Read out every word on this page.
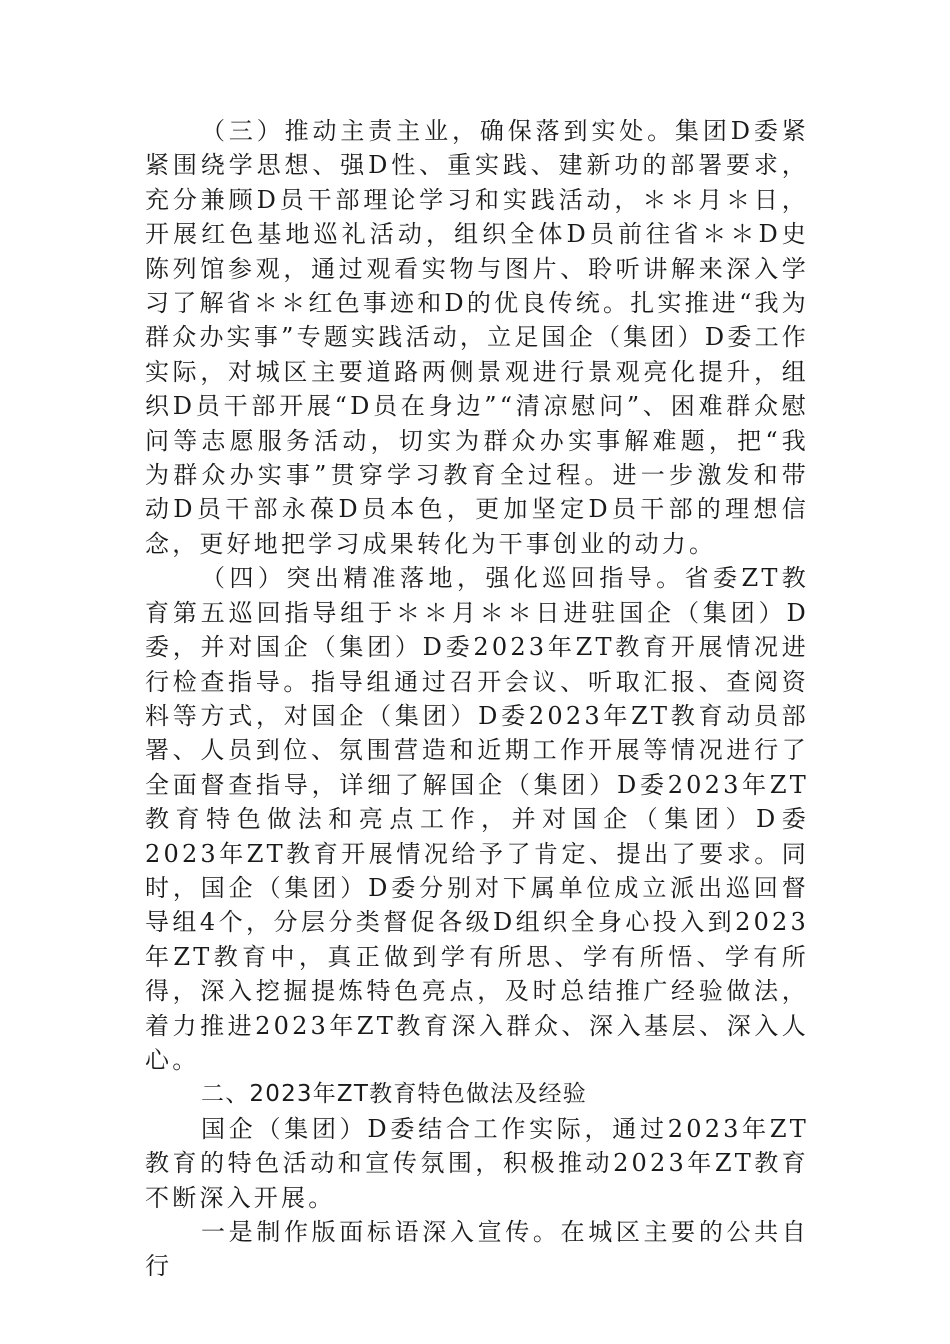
（三）推动主责主业，确保落到实处。集团D委紧紧围绕学思想、强D性、重实践、建新功的部署要求，充分兼顾D员干部理论学习和实践活动，＊＊月＊日，开展红色基地巡礼活动，组织全体D员前往省＊＊D史陈列馆参观，通过观看实物与图片、聆听讲解来深入学习了解省＊＊红色事迹和D的优良传统。扎实推进“我为群众办实事”专题实践活动，立足国企（集团）D委工作实际，对城区主要道路两侧景观进行景观亮化提升，组织D员干部开展“D员在身边”“清凉慰问”、困难群众慰问等志愿服务活动，切实为群众办实事解难题，把“我为群众办实事”贯穿学习教育全过程。进一步激发和带动D员干部永葆D员本色，更加坚定D员干部的理想信念，更好地把学习成果转化为干事创业的动力。

（四）突出精准落地，强化巡回指导。省委ZT教育第五巡回指导组于＊＊月＊＊日进驻国企（集团）D委，并对国企（集团）D委2023年ZT教育开展情况进行检查指导。指导组通过召开会议、听取汇报、查阅资料等方式，对国企（集团）D委2023年ZT教育动员部署、人员到位、氛围营造和近期工作开展等情况进行了全面督查指导，详细了解国企（集团）D委2023年ZT教育特色做法和亮点工作，并对国企（集团）D委2023年ZT教育开展情况给予了肯定、提出了要求。同时，国企（集团）D委分别对下属单位成立派出巡回督导组4个，分层分类督促各级D组织全身心投入到2023年ZT教育中，真正做到学有所思、学有所悟、学有所得，深入挖掘提炼特色亮点，及时总结推广经验做法，着力推进2023年ZT教育深入群众、深入基层、深入人心。

二、2023年ZT教育特色做法及经验

国企（集团）D委结合工作实际，通过2023年ZT教育的特色活动和宣传氛围，积极推动2023年ZT教育不断深入开展。

一是制作版面标语深入宣传。在城区主要的公共自行
